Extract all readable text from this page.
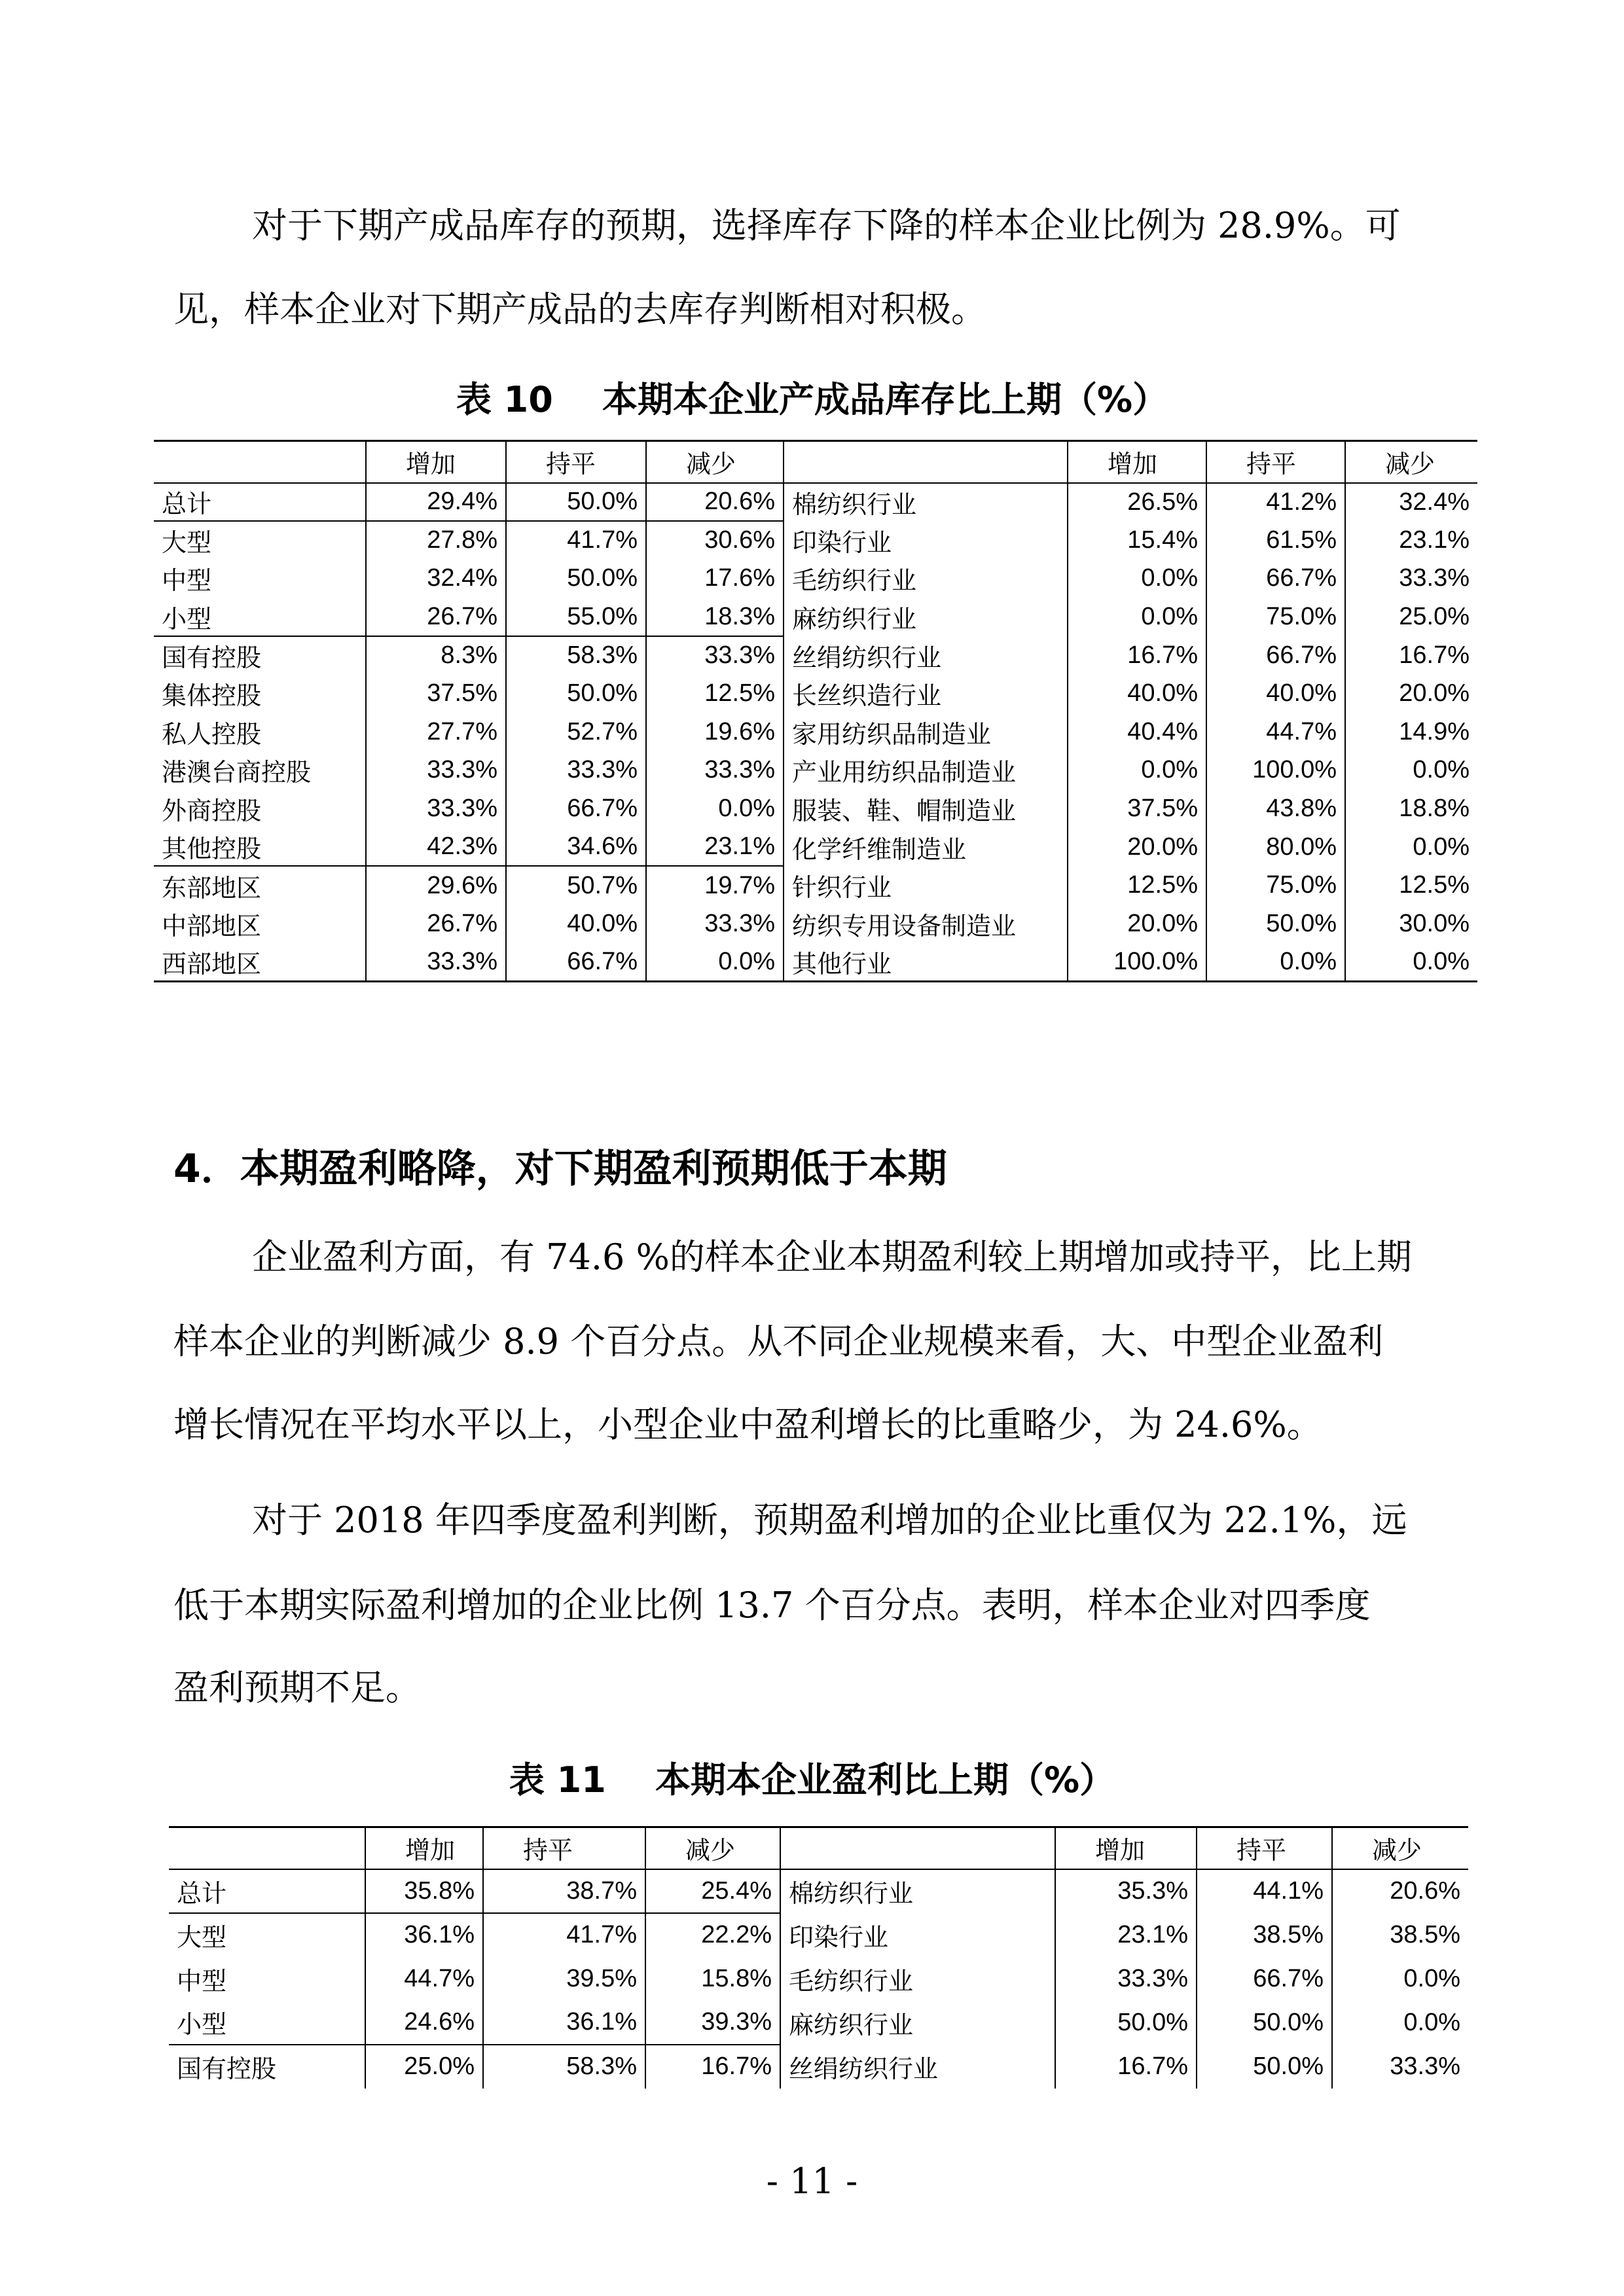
对于下期产成品库存的预期，选择库存下降的样本企业比例为 28.9%。可
见，样本企业对下期产成品的去库存判断相对积极。
表 10    本期本企业产成品库存比上期（%）
	增加	持平	减少		增加	持平	减少
总计	29.4%	50.0%	20.6%	棉纺织行业	26.5%	41.2%	32.4%
大型	27.8%	41.7%	30.6%	印染行业	15.4%	61.5%	23.1%
中型	32.4%	50.0%	17.6%	毛纺织行业	0.0%	66.7%	33.3%
小型	26.7%	55.0%	18.3%	麻纺织行业	0.0%	75.0%	25.0%
国有控股	8.3%	58.3%	33.3%	丝绢纺织行业	16.7%	66.7%	16.7%
集体控股	37.5%	50.0%	12.5%	长丝织造行业	40.0%	40.0%	20.0%
私人控股	27.7%	52.7%	19.6%	家用纺织品制造业	40.4%	44.7%	14.9%
港澳台商控股	33.3%	33.3%	33.3%	产业用纺织品制造业	0.0%	100.0%	0.0%
外商控股	33.3%	66.7%	0.0%	服装、鞋、帽制造业	37.5%	43.8%	18.8%
其他控股	42.3%	34.6%	23.1%	化学纤维制造业	20.0%	80.0%	0.0%
东部地区	29.6%	50.7%	19.7%	针织行业	12.5%	75.0%	12.5%
中部地区	26.7%	40.0%	33.3%	纺织专用设备制造业	20.0%	50.0%	30.0%
西部地区	33.3%	66.7%	0.0%	其他行业	100.0%	0.0%	0.0%
4．本期盈利略降，对下期盈利预期低于本期
企业盈利方面，有 74.6 %的样本企业本期盈利较上期增加或持平，比上期
样本企业的判断减少 8.9 个百分点。从不同企业规模来看，大、中型企业盈利
增长情况在平均水平以上，小型企业中盈利增长的比重略少，为 24.6%。
对于 2018 年四季度盈利判断，预期盈利增加的企业比重仅为 22.1%，远
低于本期实际盈利增加的企业比例 13.7 个百分点。表明，样本企业对四季度
盈利预期不足。
表 11    本期本企业盈利比上期（%）
	增加	持平	减少		增加	持平	减少
总计	35.8%	38.7%	25.4%	棉纺织行业	35.3%	44.1%	20.6%
大型	36.1%	41.7%	22.2%	印染行业	23.1%	38.5%	38.5%
中型	44.7%	39.5%	15.8%	毛纺织行业	33.3%	66.7%	0.0%
小型	24.6%	36.1%	39.3%	麻纺织行业	50.0%	50.0%	0.0%
国有控股	25.0%	58.3%	16.7%	丝绢纺织行业	16.7%	50.0%	33.3%
- 11 -
